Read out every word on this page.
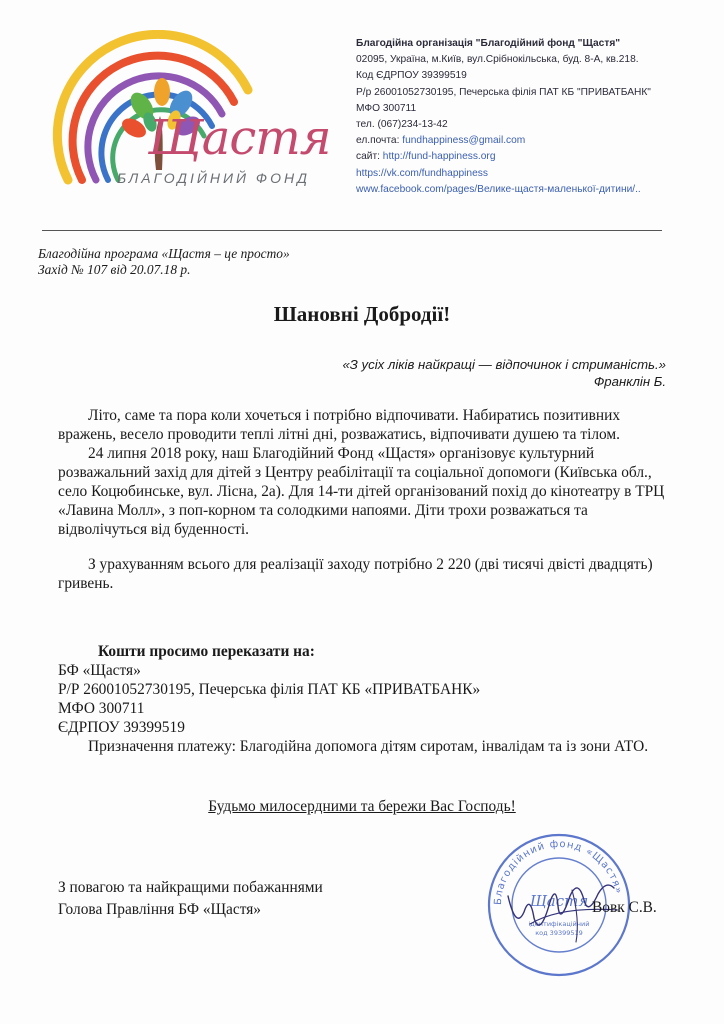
Щастя
БЛАГОДІЙНИЙ ФОНД
Благодійна організація "Благодійний фонд "Щастя"
02095, Україна, м.Київ, вул.Срібнокільська, буд. 8-А, кв.218.
Код ЄДРПОУ 39399519
Р/р 26001052730195, Печерська філія ПАТ КБ "ПРИВАТБАНК"
МФО 300711
тел. (067)234-13-42
ел.почта: fundhappiness@gmail.com
сайт: http://fund-happiness.org
https://vk.com/fundhappiness
www.facebook.com/pages/Велике-щастя-маленької-дитини/..
Благодійна програма «Щастя – це просто»
Захід № 107 від 20.07.18 р.
Шановні Добродії!
«З усіх ліків найкращі — відпочинок і стриманість.»
Франклін Б.

Літо, саме та пора коли хочеться і потрібно відпочивати. Набиратись позитивних вражень, весело проводити теплі літні дні, розважатись, відпочивати душею та тілом.

24 липня 2018 року, наш Благодійний Фонд «Щастя» організовує культурний розважальний захід для дітей з Центру реабілітації та соціальної допомоги (Київська обл., село Коцюбинське, вул. Лісна, 2а). Для 14-ти дітей організований похід до кінотеатру в ТРЦ «Лавина Молл», з поп-корном та солодкими напоями. Діти трохи розважаться та відволічуться від буденності.

З урахуванням всього для реалізації заходу потрібно 2 220 (дві тисячі двісті двадцять) гривень.

Кошти просимо переказати на:

БФ «Щастя»

Р/Р 26001052730195, Печерська філія ПАТ КБ «ПРИВАТБАНК»

МФО 300711

ЄДРПОУ 39399519

Призначення платежу: Благодійна допомога дітям сиротам, інвалідам та із зони АТО.

Будьмо милосердними та бережи Вас Господь!
Благодійний фонд «Щастя»
Щастя
ідентифікаційний
код 39399519
З повагою та найкращими побажаннями
Голова Правління БФ «Щастя»	Вовк С.В.
